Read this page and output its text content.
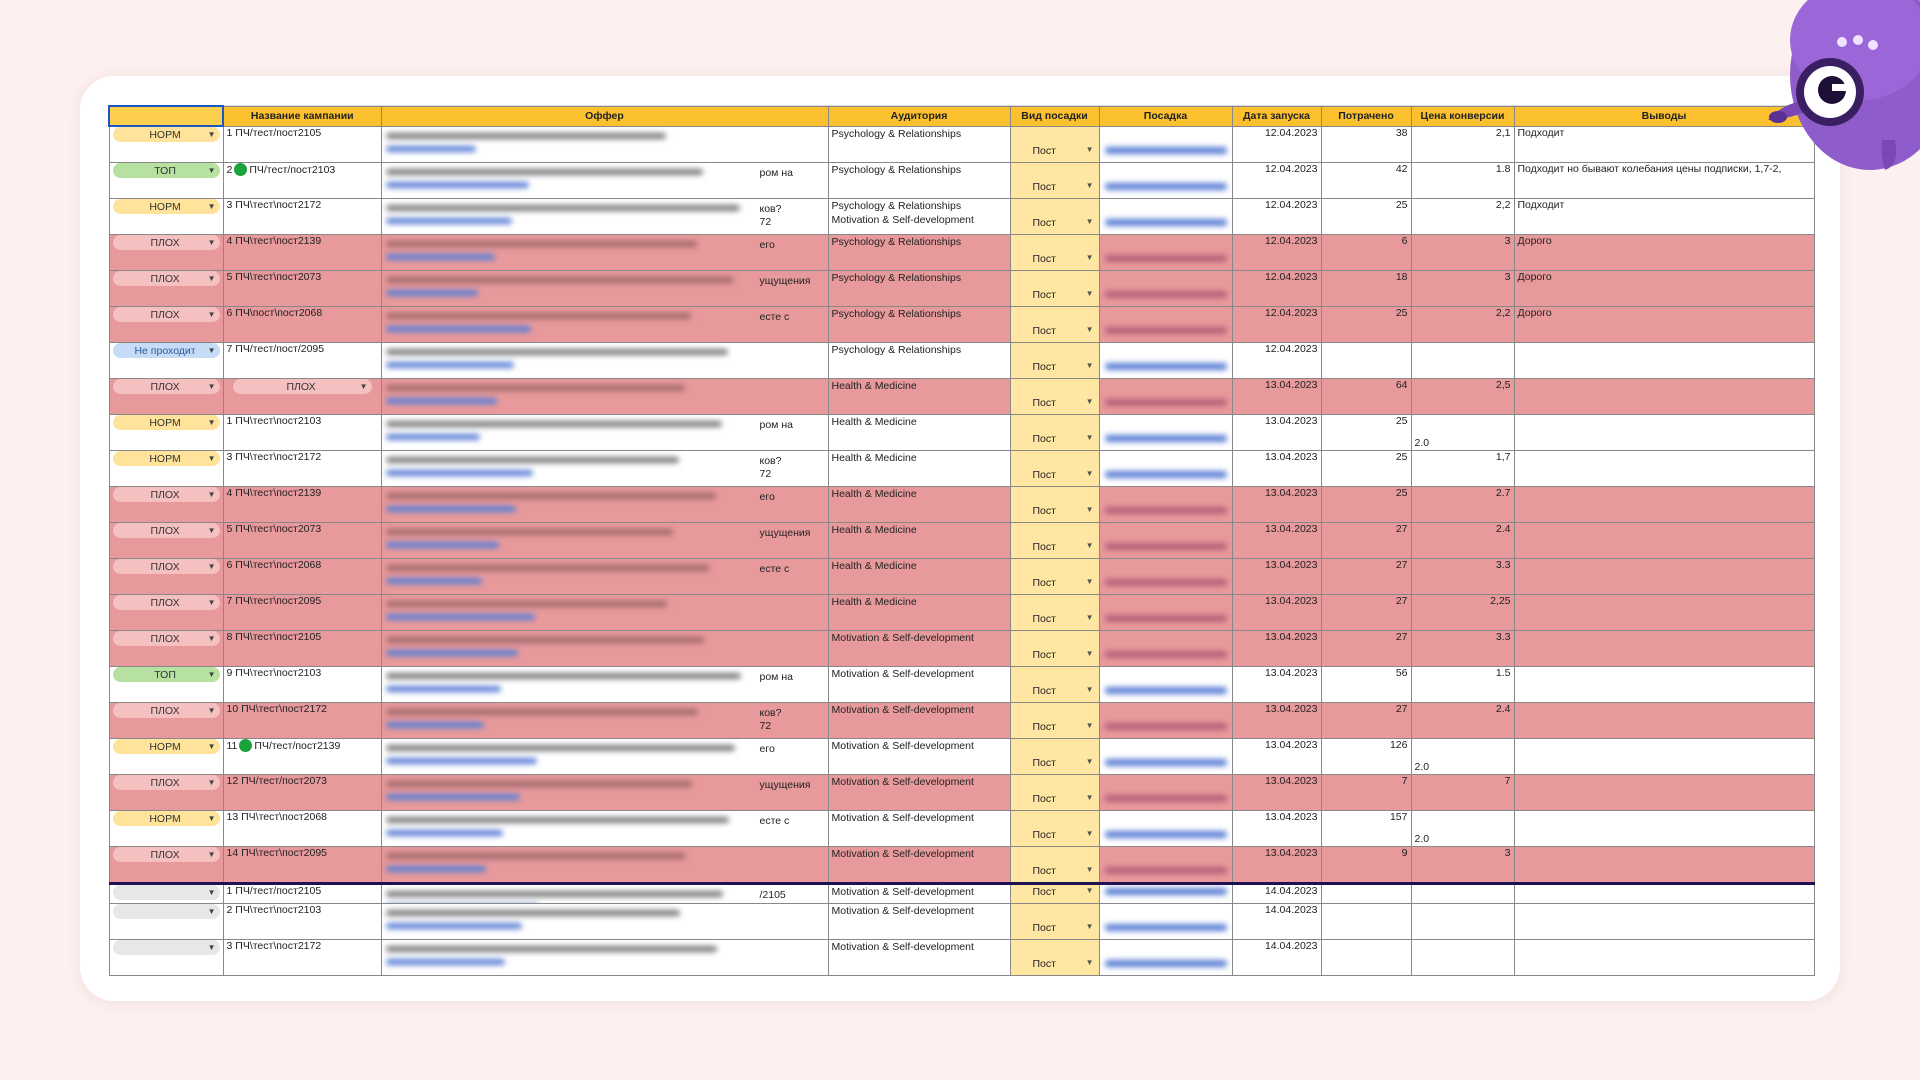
	Название кампании	Оффер	Аудитория	Вид посадки	Посадка	Дата запуска	Потрачено	Цена конверсии	Выводы

НОРМ ▼	1 ПЧ/тест/пост2105		Psychology & Relationships	Пост ▼		12.04.2023	38	2,1	Подходит

ТОП ▼	2 ПЧ/тест/пост2103	ром на	Psychology & Relationships	Пост ▼		12.04.2023	42	1.8	Подходит но бывают колебания цены подписки, 1,7-2,

НОРМ ▼	3 ПЧ\тест\пост2172	ков?
72	Psychology & Relationships
Motivation & Self-development	Пост ▼		12.04.2023	25	2,2	Подходит

ПЛОХ ▼	4 ПЧ\тест\пост2139	его	Psychology & Relationships	Пост ▼		12.04.2023	6	3	Дорого

ПЛОХ ▼	5 ПЧ\тест\пост2073	ущущения	Psychology & Relationships	Пост ▼		12.04.2023	18	3	Дорого

ПЛОХ ▼	6 ПЧ\пост\пост2068	есте с	Psychology & Relationships	Пост ▼		12.04.2023	25	2,2	Дорого

Не проходит ▼	7 ПЧ/тест/пост/2095		Psychology & Relationships	Пост ▼		12.04.2023		

ПЛОХ ▼	ПЛОХ ▼		Health & Medicine	Пост ▼		13.04.2023	64	2,5	

НОРМ ▼	1 ПЧ\тест\пост2103	ром на	Health & Medicine	Пост ▼		13.04.2023	25	2.0	

НОРМ ▼	3 ПЧ\тест\пост2172	ков?
72	Health & Medicine	Пост ▼		13.04.2023	25	1,7	

ПЛОХ ▼	4 ПЧ\тест\пост2139	его	Health & Medicine	Пост ▼		13.04.2023	25	2.7	

ПЛОХ ▼	5 ПЧ\тест\пост2073	ущущения	Health & Medicine	Пост ▼		13.04.2023	27	2.4	

ПЛОХ ▼	6 ПЧ\тест\пост2068	есте с	Health & Medicine	Пост ▼		13.04.2023	27	3.3	

ПЛОХ ▼	7 ПЧ\тест\пост2095		Health & Medicine	Пост ▼		13.04.2023	27	2,25	

ПЛОХ ▼	8 ПЧ\тест\пост2105		Motivation & Self-development	Пост ▼		13.04.2023	27	3.3	

ТОП ▼	9 ПЧ\тест\пост2103	ром на	Motivation & Self-development	Пост ▼		13.04.2023	56	1.5	

ПЛОХ ▼	10 ПЧ\тест\пост2172	ков?
72	Motivation & Self-development	Пост ▼		13.04.2023	27	2.4	

НОРМ ▼	11 ПЧ/тест/пост2139	его	Motivation & Self-development	Пост ▼		13.04.2023	126	2.0	

ПЛОХ ▼	12 ПЧ/тест/пост2073	ущущения	Motivation & Self-development	Пост ▼		13.04.2023	7	7	

НОРМ ▼	13 ПЧ\тест\пост2068	есте с	Motivation & Self-development	Пост ▼		13.04.2023	157	2.0	

ПЛОХ ▼	14 ПЧ\тест\пост2095		Motivation & Self-development	Пост ▼		13.04.2023	9	3	

▼	1 ПЧ/тест/пост2105	/2105	Motivation & Self-development	Пост ▼		14.04.2023		

▼	2 ПЧ\тест\пост2103		Motivation & Self-development	Пост ▼		14.04.2023		

▼	3 ПЧ\тест\пост2172		Motivation & Self-development	Пост ▼		14.04.2023		
